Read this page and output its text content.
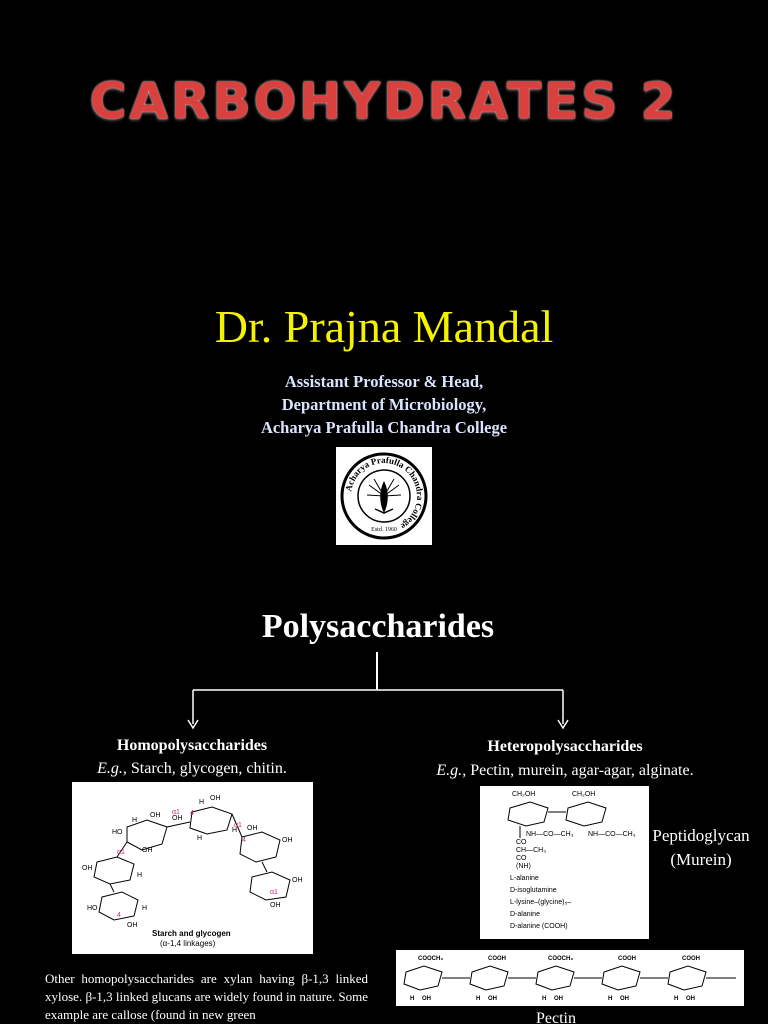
CARBOHYDRATES 2
Dr. Prajna Mandal
Assistant Professor & Head,
Department of Microbiology,
Acharya Prafulla Chandra College
Acharya Prafulla Chandra College
Estd. 1960
Polysaccharides
Homopolysaccharides
E.g., Starch, glycogen, chitin.
Heteropolysaccharides
E.g., Pectin, murein, agar-agar, alginate.
H
OH
HO
H
OH
OH
OH
OH
OH
OH
H
HO	H	OH
OH
H
H
OH
α1 4
α1
4
α1
α1
4
Starch and glycogen
(α-1,4 linkages)
CH₂OH	CH₂OH
NH—CO—CH₃ NH—CO—CH₃
CO
CH—CH₃
CO
(NH)
L-alanine
D-isoglutamine
L-lysine–(glycine)₅–
D-alanine
D-alanine (COOH)
Peptidoglycan
(Murein)
COOCH₃	COOH	COOCH₃	COOH	COOH
H OH	H OH	H OH	H OH	H OH
Other homopolysaccharides are xylan having β-1,3 linked xylose. β-1,3 linked glucans are widely found in nature. Some example are callose (found in new green	Pectin
